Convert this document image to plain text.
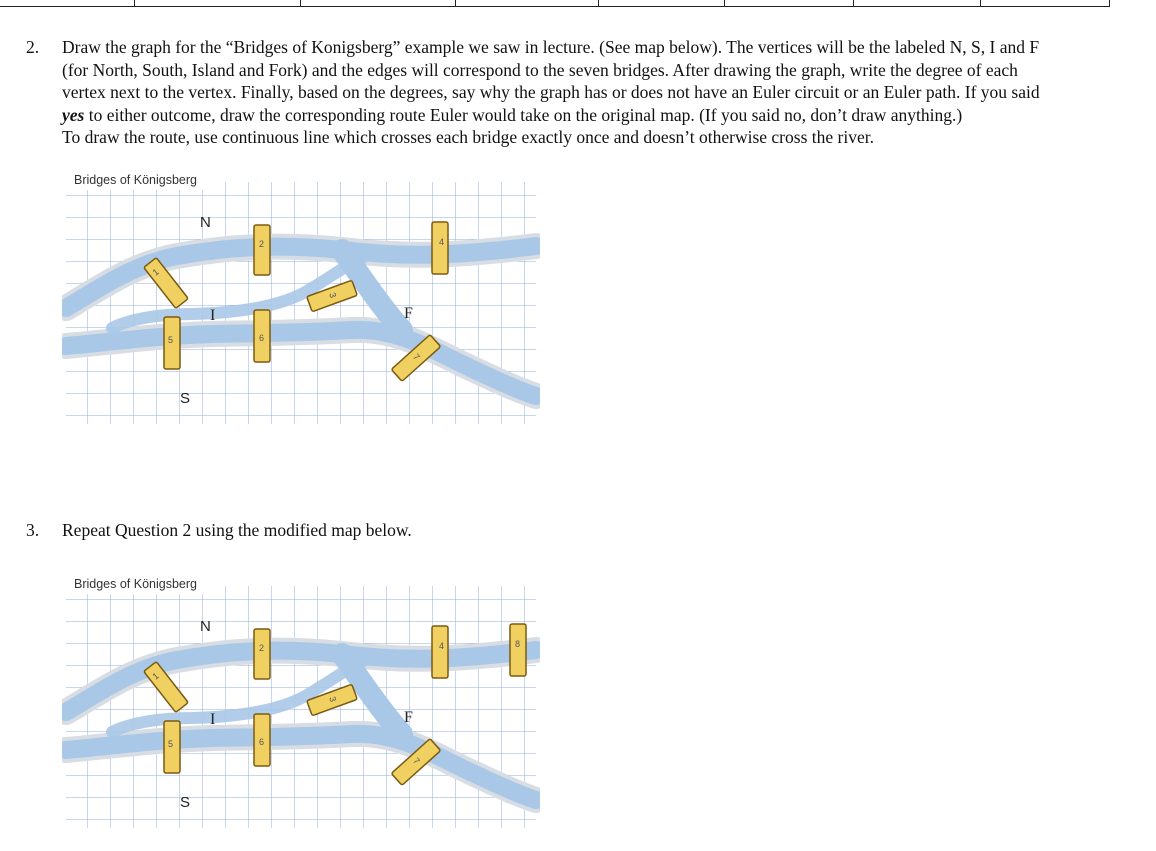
2. Draw the graph for the “Bridges of Konigsberg” example we saw in lecture. (See map below). The vertices will be the labeled N, S, I and F
(for North, South, Island and Fork) and the edges will correspond to the seven bridges. After drawing the graph, write the degree of each
vertex next to the vertex. Finally, based on the degrees, say why the graph has or does not have an Euler circuit or an Euler path. If you said
yes to either outcome, draw the corresponding route Euler would take on the original map. (If you said no, don’t draw anything.)
To draw the route, use continuous line which crosses each bridge exactly once and doesn’t otherwise cross the river.
Bridges of Königsberg
N
S
I	F
1
2
3
4
5	6
7
3. Repeat Question 2 using the modified map below.
Bridges of Königsberg
N
S
I	F
1
2
3
4
5	6
7
8
